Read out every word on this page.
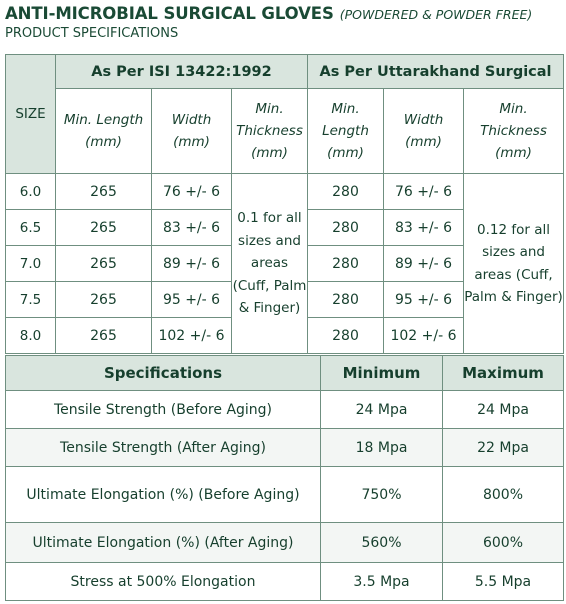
ANTI-MICROBIAL SURGICAL GLOVES (POWDERED & POWDER FREE)
PRODUCT SPECIFICATIONS
SIZE	As Per ISI 13422:1992			As Per Uttarakhand Surgical		
	Min. Length (mm)	Width (mm)	Min. Thickness (mm)	Min. Length (mm)	Width (mm)	Min. Thickness (mm)
6.0	265	76 +/- 6	0.1 for all sizes and areas (Cuff, Palm & Finger)	280	76 +/- 6	0.12 for all sizes and areas (Cuff, Palm & Finger)
6.5	265	83 +/- 6		280	83 +/- 6	
7.0	265	89 +/- 6		280	89 +/- 6	
7.5	265	95 +/- 6		280	95 +/- 6	
8.0	265	102 +/- 6		280	102 +/- 6	
Specifications	Minimum	Maximum
Tensile Strength (Before Aging)	24 Mpa	24 Mpa
Tensile Strength (After Aging)	18 Mpa	22 Mpa
Ultimate Elongation (%) (Before Aging)	750%	800%
Ultimate Elongation (%) (After Aging)	560%	600%
Stress at 500% Elongation	3.5 Mpa	5.5 Mpa
